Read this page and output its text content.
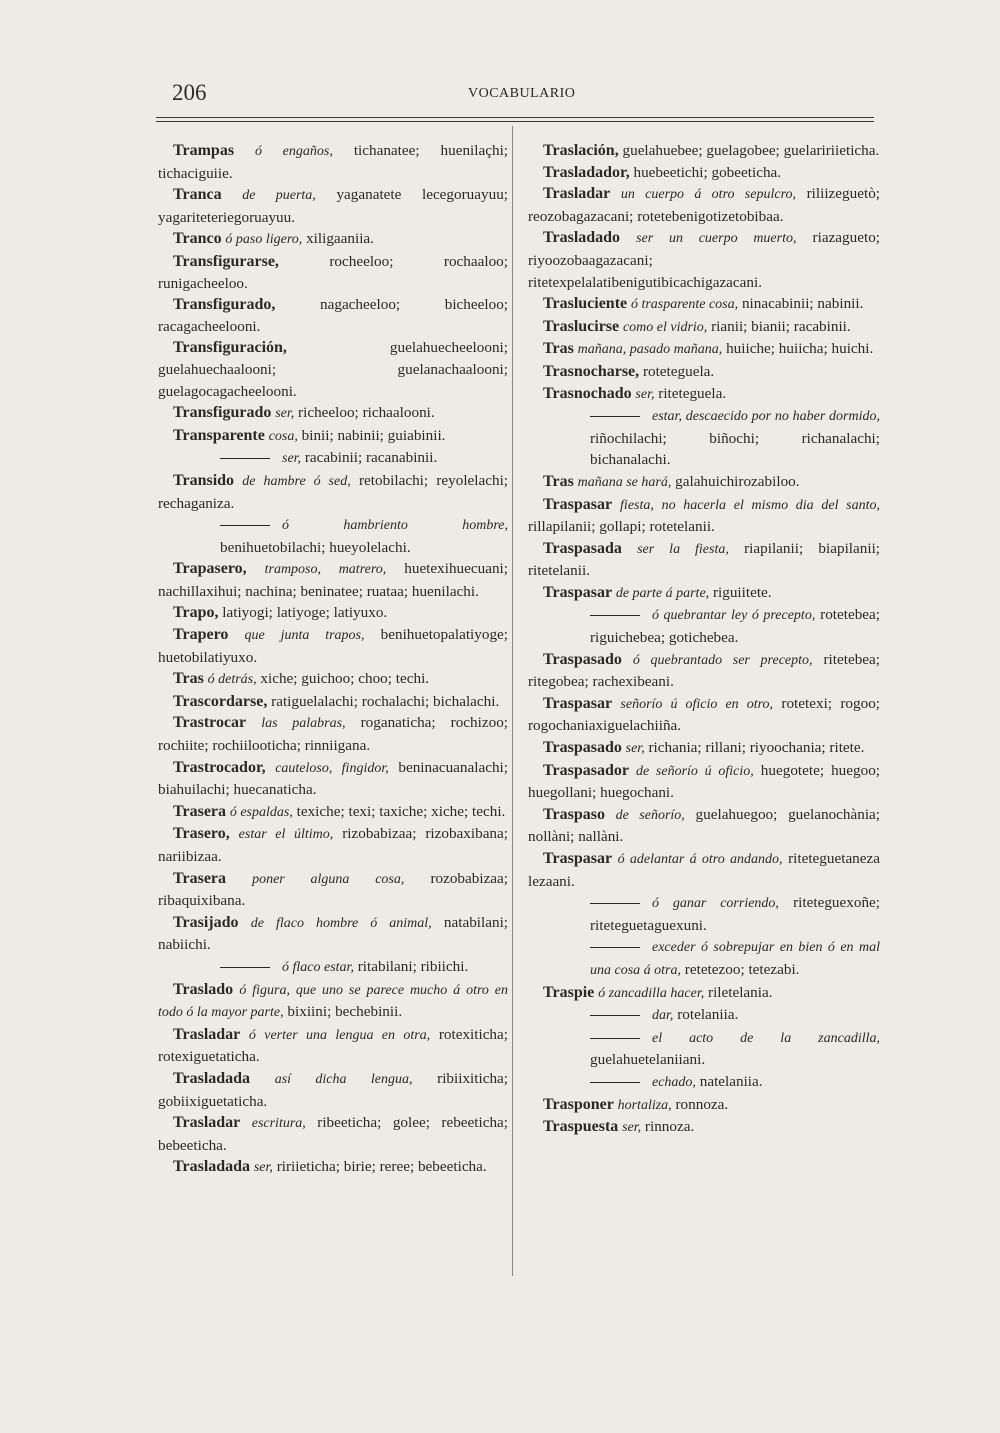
206	VOCABULARIO
Trampas ó engaños, tichanatee; huenilaçhi; tichaciguiie.
Tranca de puerta, yaganatete lecegoruayuu; yagariteteriegoruayuu.
Tranco ó paso ligero, xiligaaniia.
Transfigurarse,	rocheeloo; rochaaloo; runigacheeloo.
Transfigurado,	nagacheeloo; bicheeloo; racagacheelooni.
Transfiguración,	guelahuecheelooni; guelahuechaalooni; guelanachaalooni; guelagocagacheelooni.
Transfigurado ser, richeeloo; richaalooni.
Transparente cosa, binii; nabinii; guiabinii.
ser, racabinii; racanabinii.
Transido de hambre ó sed, retobilachi; reyolelachi; rechaganiza.
ó hambriento hombre, benihuetobilachi; hueyolelachi.
Trapasero, tramposo, matrero, huetexihuecuani; nachillaxihui; nachina; beninatee; ruataa; huenilachi.
Trapo, latiyogi; latiyoge; latiyuxo.
Trapero que junta trapos, benihuetopalatiyoge; huetobilatiyuxo.
Tras ó detrás, xiche; guichoo; choo; techi.
Trascordarse, ratiguelalachi; rochalachi; bichalachi.
Trastrocar las palabras, roganaticha; rochizoo; rochiite; rochiilooticha; rinniigana.
Trastrocador, cauteloso, fingidor, beninacuanalachi; biahuilachi; huecanaticha.
Trasera ó espaldas, texiche; texi; taxiche; xiche; techi.
Trasero, estar el último, rizobabizaa; rizobaxibana; nariibizaa.
Trasera poner alguna cosa, rozobabizaa; ribaquixibana.
Trasijado de flaco hombre ó animal, natabilani; nabiichi.
ó flaco estar, ritabilani; ribiichi.
Traslado ó figura, que uno se parece mucho á otro en todo ó la mayor parte, bixiini; bechebinii.
Trasladar ó verter una lengua en otra, rotexiticha; rotexiguetaticha.
Trasladada así dicha lengua, ribiixiticha; gobiixiguetaticha.
Trasladar escritura, ribeeticha; golee; rebeeticha; bebeeticha.
Trasladada ser, ririieticha; birie; reree; bebeeticha.
Traslación, guelahuebee; guelagobee; guelaririieticha.
Trasladador, huebeetichi; gobeeticha.
Trasladar un cuerpo á otro sepulcro, riliizeguetò; reozobagazacani; rotetebenigotizetobibaa.
Trasladado ser un cuerpo muerto, riazagueto; riyoozobaagazacani; ritetexpelalatibenigutibicachigazacani.
Trasluciente ó trasparente cosa, ninacabinii; nabinii.
Traslucirse como el vidrio, rianii; bianii; racabinii.
Tras mañana, pasado mañana, huiiche; huiicha; huichi.
Trasnocharse, roteteguela.
Trasnochado ser, riteteguela.
estar, descaecido por no haber dormido, riñochilachi; biñochi; richanalachi; bichanalachi.
Tras mañana se hará, galahuichirozabiloo.
Traspasar fiesta, no hacerla el mismo dia del santo, rillapilanii; gollapi; rotetelanii.
Traspasada ser la fiesta, riapilanii; biapilanii; ritetelanii.
Traspasar de parte á parte, riguiitete.
ó quebrantar ley ó precepto, rotetebea; riguichebea; gotichebea.
Traspasado ó quebrantado ser precepto, ritetebea; ritegobea; rachexibeani.
Traspasar señorío ú oficio en otro, rotetexi; rogoo; rogochaniaxiguelachiiña.
Traspasado ser, richania; rillani; riyoochania; ritete.
Traspasador de señorío ú oficio, huegotete; huegoo; huegollani; huegochani.
Traspaso de señorío, guelahuegoo; guelanochània; nollàni; nallàni.
Traspasar ó adelantar á otro andando, riteteguetaneza lezaani.
ó ganar corriendo, riteteguexoñe; riteteguetaguexuni.
exceder ó sobrepujar en bien ó en mal una cosa á otra, retetezoo; tetezabi.
Traspie ó zancadilla hacer, riletelania.
dar, rotelaniia.
el acto de la zancadilla, guelahuetelaniiani.
echado, natelaniia.
Trasponer hortaliza, ronnoza.
Traspuesta ser, rinnoza.
